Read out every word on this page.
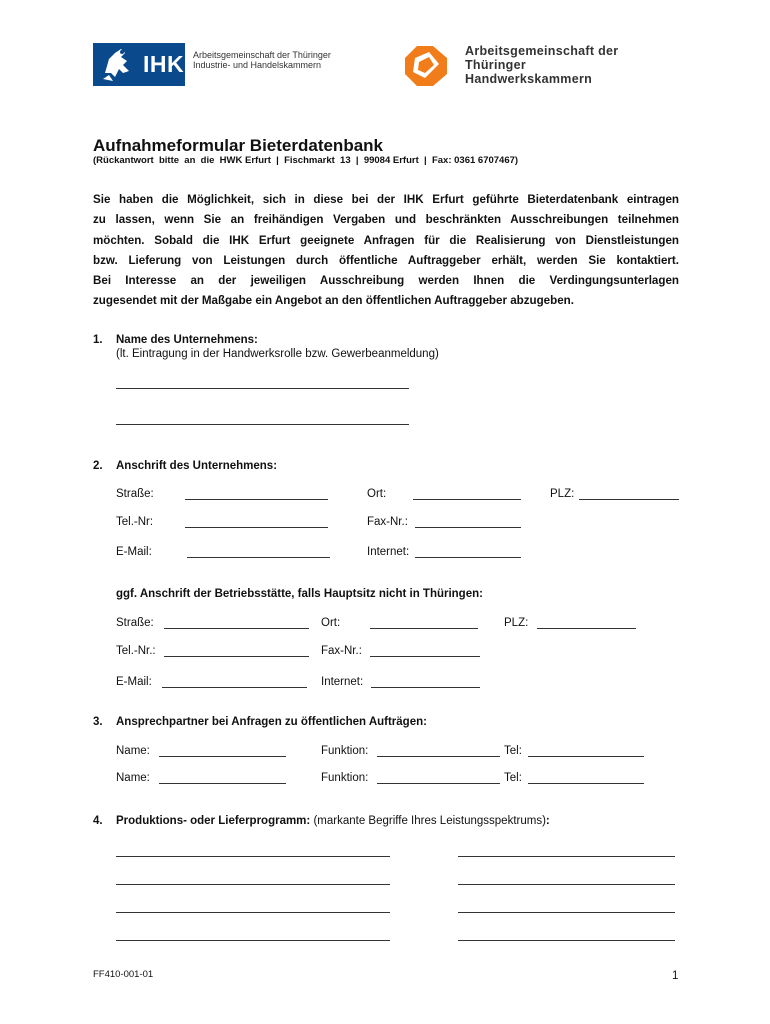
IHK Arbeitsgemeinschaft der Thüringer
Industrie- und Handelskammern
Arbeitsgemeinschaft der
Thüringer
Handwerkskammern
Aufnahmeformular Bieterdatenbank
(Rückantwort  bitte  an  die  HWK Erfurt  |  Fischmarkt  13  |  99084 Erfurt  |  Fax: 0361 6707467)
Sie haben die Möglichkeit, sich in diese bei der IHK Erfurt geführte Bieterdatenbank eintragen
zu lassen, wenn Sie an freihändigen Vergaben und beschränkten Ausschreibungen teilnehmen
möchten. Sobald die IHK Erfurt geeignete Anfragen für die Realisierung von Dienstleistungen
bzw. Lieferung von Leistungen durch öffentliche Auftraggeber erhält, werden Sie kontaktiert.
Bei Interesse an der jeweiligen Ausschreibung werden Ihnen die Verdingungsunterlagen
zugesendet mit der Maßgabe ein Angebot an den öffentlichen Auftraggeber abzugeben.
1. Name des Unternehmens:
(lt. Eintragung in der Handwerksrolle bzw. Gewerbeanmeldung)
2. Anschrift des Unternehmens:
Straße:	Ort:	PLZ:
Tel.-Nr:	Fax-Nr.:
E-Mail:	Internet:
ggf. Anschrift der Betriebsstätte, falls Hauptsitz nicht in Thüringen:
Straße:	Ort:	PLZ:
Tel.-Nr.:	Fax-Nr.:
E-Mail:	Internet:
3. Ansprechpartner bei Anfragen zu öffentlichen Aufträgen:
Name:	Funktion:	Tel:
Name:	Funktion:	Tel:
4. Produktions- oder Lieferprogramm: (markante Begriffe Ihres Leistungsspektrums):
FF410-001-01	1
